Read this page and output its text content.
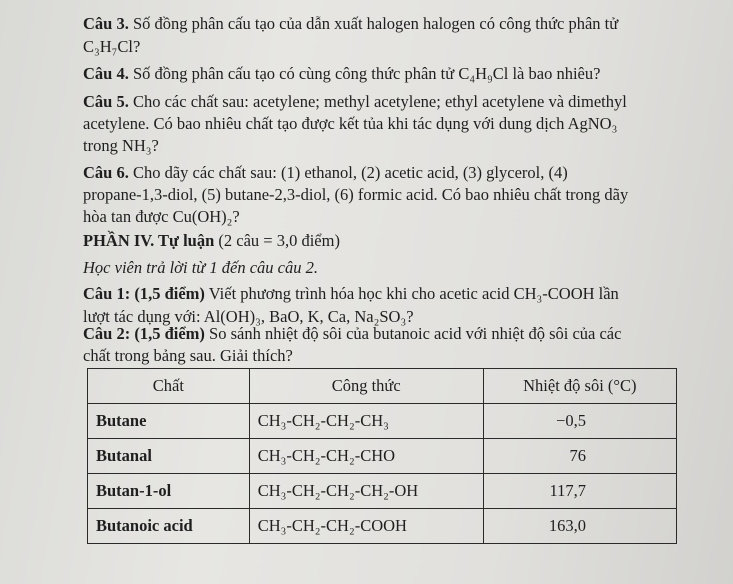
Câu 3. Số đồng phân cấu tạo của dẫn xuất halogen halogen có công thức phân tử
C₃H₇Cl?
Câu 4. Số đồng phân cấu tạo có cùng công thức phân tử C₄H₉Cl là bao nhiêu?
Câu 5. Cho các chất sau: acetylene; methyl acetylene; ethyl acetylene và dimethyl
acetylene. Có bao nhiêu chất tạo được kết tủa khi tác dụng với dung dịch AgNO₃
trong NH₃?
Câu 6. Cho dãy các chất sau: (1) ethanol, (2) acetic acid, (3) glycerol, (4)
propane-1,3-diol, (5) butane-2,3-diol, (6) formic acid. Có bao nhiêu chất trong dãy
hòa tan được Cu(OH)₂?
PHẦN IV. Tự luận (2 câu = 3,0 điểm)
Học viên trả lời từ 1 đến câu câu 2.
Câu 1: (1,5 điểm) Viết phương trình hóa học khi cho acetic acid CH₃-COOH lần
lượt tác dụng với: Al(OH)₃, BaO, K, Ca, Na₂SO₃?
Câu 2: (1,5 điểm) So sánh nhiệt độ sôi của butanoic acid với nhiệt độ sôi của các
chất trong bảng sau. Giải thích?
Chất	Công thức	Nhiệt độ sôi (°C)
Butane	CH₃-CH₂-CH₂-CH₃	−0,5
Butanal	CH₃-CH₂-CH₂-CHO	76
Butan-1-ol	CH₃-CH₂-CH₂-CH₂-OH	117,7
Butanoic acid	CH₃-CH₂-CH₂-COOH	163,0
